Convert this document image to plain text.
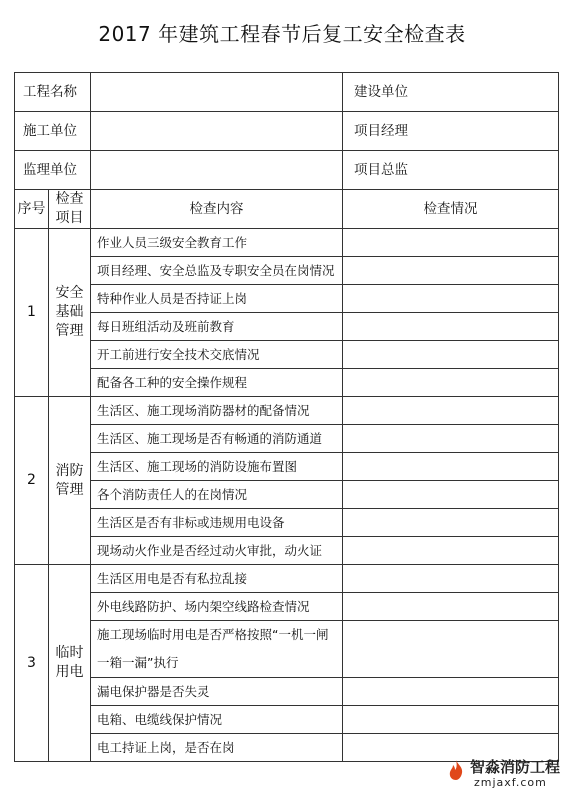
2017 年建筑工程春节后复工安全检查表
工程名称			建设单位
施工单位			项目经理
监理单位			项目总监
序号	检查项目	检查内容	检查情况
1	安全基础管理	作业人员三级安全教育工作	
		项目经理、安全总监及专职安全员在岗情况	
		特种作业人员是否持证上岗	
		每日班组活动及班前教育	
		开工前进行安全技术交底情况	
		配备各工种的安全操作规程	
2	消防管理	生活区、施工现场消防器材的配备情况	
		生活区、施工现场是否有畅通的消防通道	
		生活区、施工现场的消防设施布置图	
		各个消防责任人的在岗情况	
		生活区是否有非标或违规用电设备	
		现场动火作业是否经过动火审批，动火证	
3	临时用电	生活区用电是否有私拉乱接	
		外电线路防护、场内架空线路检查情况	
		施工现场临时用电是否严格按照“一机一闸一箱一漏”执行	
		漏电保护器是否失灵	
		电箱、电缆线保护情况	
		电工持证上岗，是否在岗	
智淼消防工程
zmjaxf.com
